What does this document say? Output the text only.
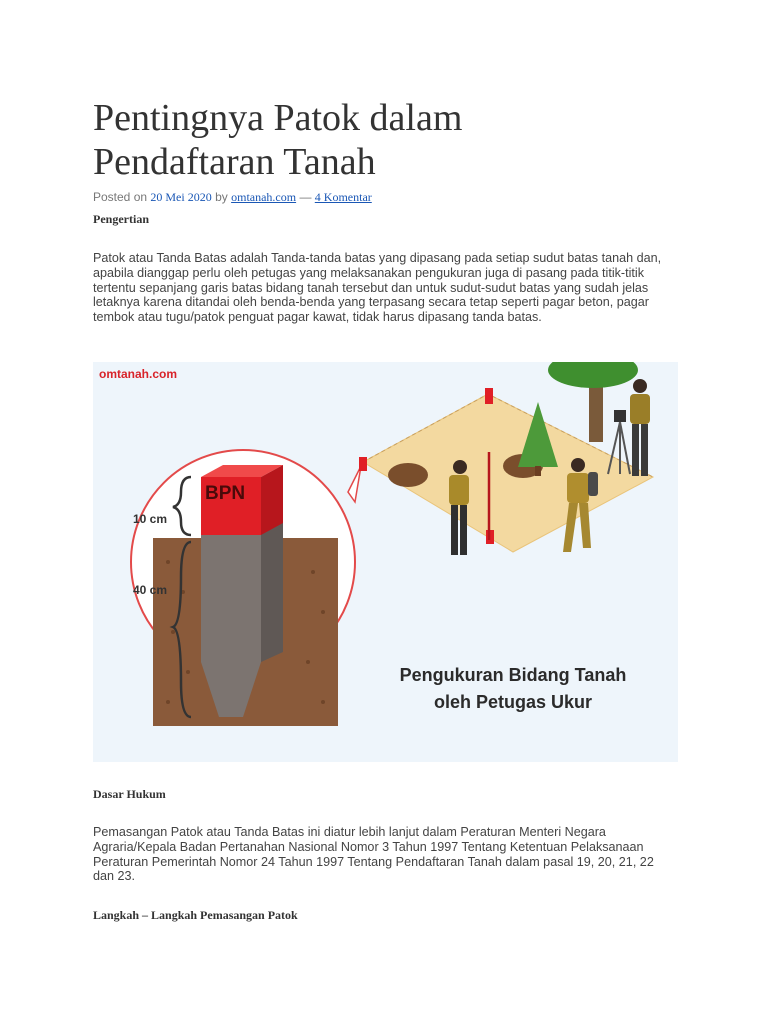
Pentingnya Patok dalam
Pendaftaran Tanah
Posted on 20 Mei 2020 by omtanah.com — 4 Komentar
Pengertian

Patok atau Tanda Batas adalah Tanda-tanda batas yang dipasang pada setiap sudut batas tanah dan, apabila dianggap perlu oleh petugas yang melaksanakan pengukuran juga di pasang pada titik-titik tertentu sepanjang garis batas bidang tanah tersebut dan untuk sudut-sudut batas yang sudah jelas letaknya karena ditandai oleh benda-benda yang terpasang secara tetap seperti pagar beton, pagar tembok atau tugu/patok penguat pagar kawat, tidak harus dipasang tanda batas.

omtanah.com
BPN
10 cm
40 cm
Pengukuran Bidang Tanah
oleh Petugas Ukur
Dasar Hukum

Pemasangan Patok atau Tanda Batas ini diatur lebih lanjut dalam Peraturan Menteri Negara Agraria/Kepala Badan Pertanahan Nasional Nomor 3 Tahun 1997 Tentang Ketentuan Pelaksanaan Peraturan Pemerintah Nomor 24 Tahun 1997 Tentang Pendaftaran Tanah dalam pasal 19, 20, 21, 22 dan 23.

Langkah – Langkah Pemasangan Patok
